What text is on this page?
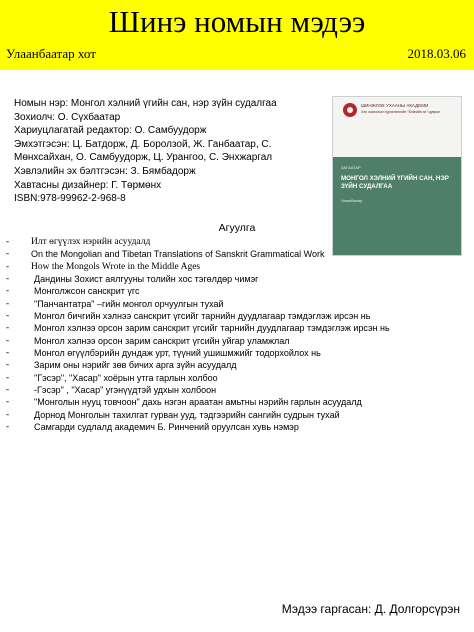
Шинэ номын мэдээ
Улаанбаатар хот	2018.03.06
Номын нэр: Монгол хэлний үгийн сан, нэр зүйн судалгаа
Зохиолч: О. Сүхбаатар
Хариуцлагатай редактор: О. Самбуудорж
Эмхэтгэсэн: Ц. Батдорж, Д. Боролзой, Ж. Ганбаатар, С.
Мөнхсайхан, О. Самбуудорж, Ц. Урангоо, С. Энхжаргал
Хэвлэлийн эх бэлтгэсэн: З. Бямбадорж
Хавтасны дизайнер: Г. Төрмөнх
ISBN:978-99962-2-968-8
ШИНЖЛЭХ УХААНЫ АКАДЕМИ
Хэл зохиолын хүрээлэнгийн "Бэйгийн эх" цуврал
ЗАГААТАР
МОНГОЛ ХЭЛНИЙ ҮГИЙН САН, НЭР ЗҮЙН СУДАЛГАА
Улаанбаатар
Агуулга
-	Илт өгүүлэх нэрийн асуудалд
-	On the Mongolian and Tibetan Translations of Sanskrit Grammatical Work
-	How the Mongols Wrote in the Middle Ages
-	Дандины Зохист аялгууны толийн хос тэгөлдөр чимэг
-	Монголжсон санскрит үгс
-	"Панчантатра" –гийн монгол орчуулгын тухай
-	Монгол бичгийн хэлнээ санскрит үгсийг тарнийн дуудлагаар тэмдэглэж ирсэн нь
-	Монгол хэлнээ орсон зарим санскрит үгсийг тарнийн дуудлагаар тэмдэглэж ирсэн нь
-	Монгол хэлнээ орсон зарим санскрит үгсийн уйгар уламжлал
-	Монгол өгүүлбэрийн дундаж урт, түүний ушишмжийг тодорхойлох нь
-	Зарим оны нэрийг зөв бичих арга зүйн асуудалд
-	"Гэсэр", "Хасар" хоёрын утга гарлын холбоо
-	-Гэсэр" , "Хасар" угэнүүдтэй удхын холбоон
-	"Монголын нууц товчоон" дахь нэгэн араатан амьтны нэрийн гарлын асуудалд
-	Дорнод Монголын тахилгат гурван ууд, тэдгээрийн сангийн судрын тухай
-	Самгарди судлалд академич Б. Ринчений оруулсан хувь нэмэр
Мэдээ гаргасан: Д. Долгорсүрэн
